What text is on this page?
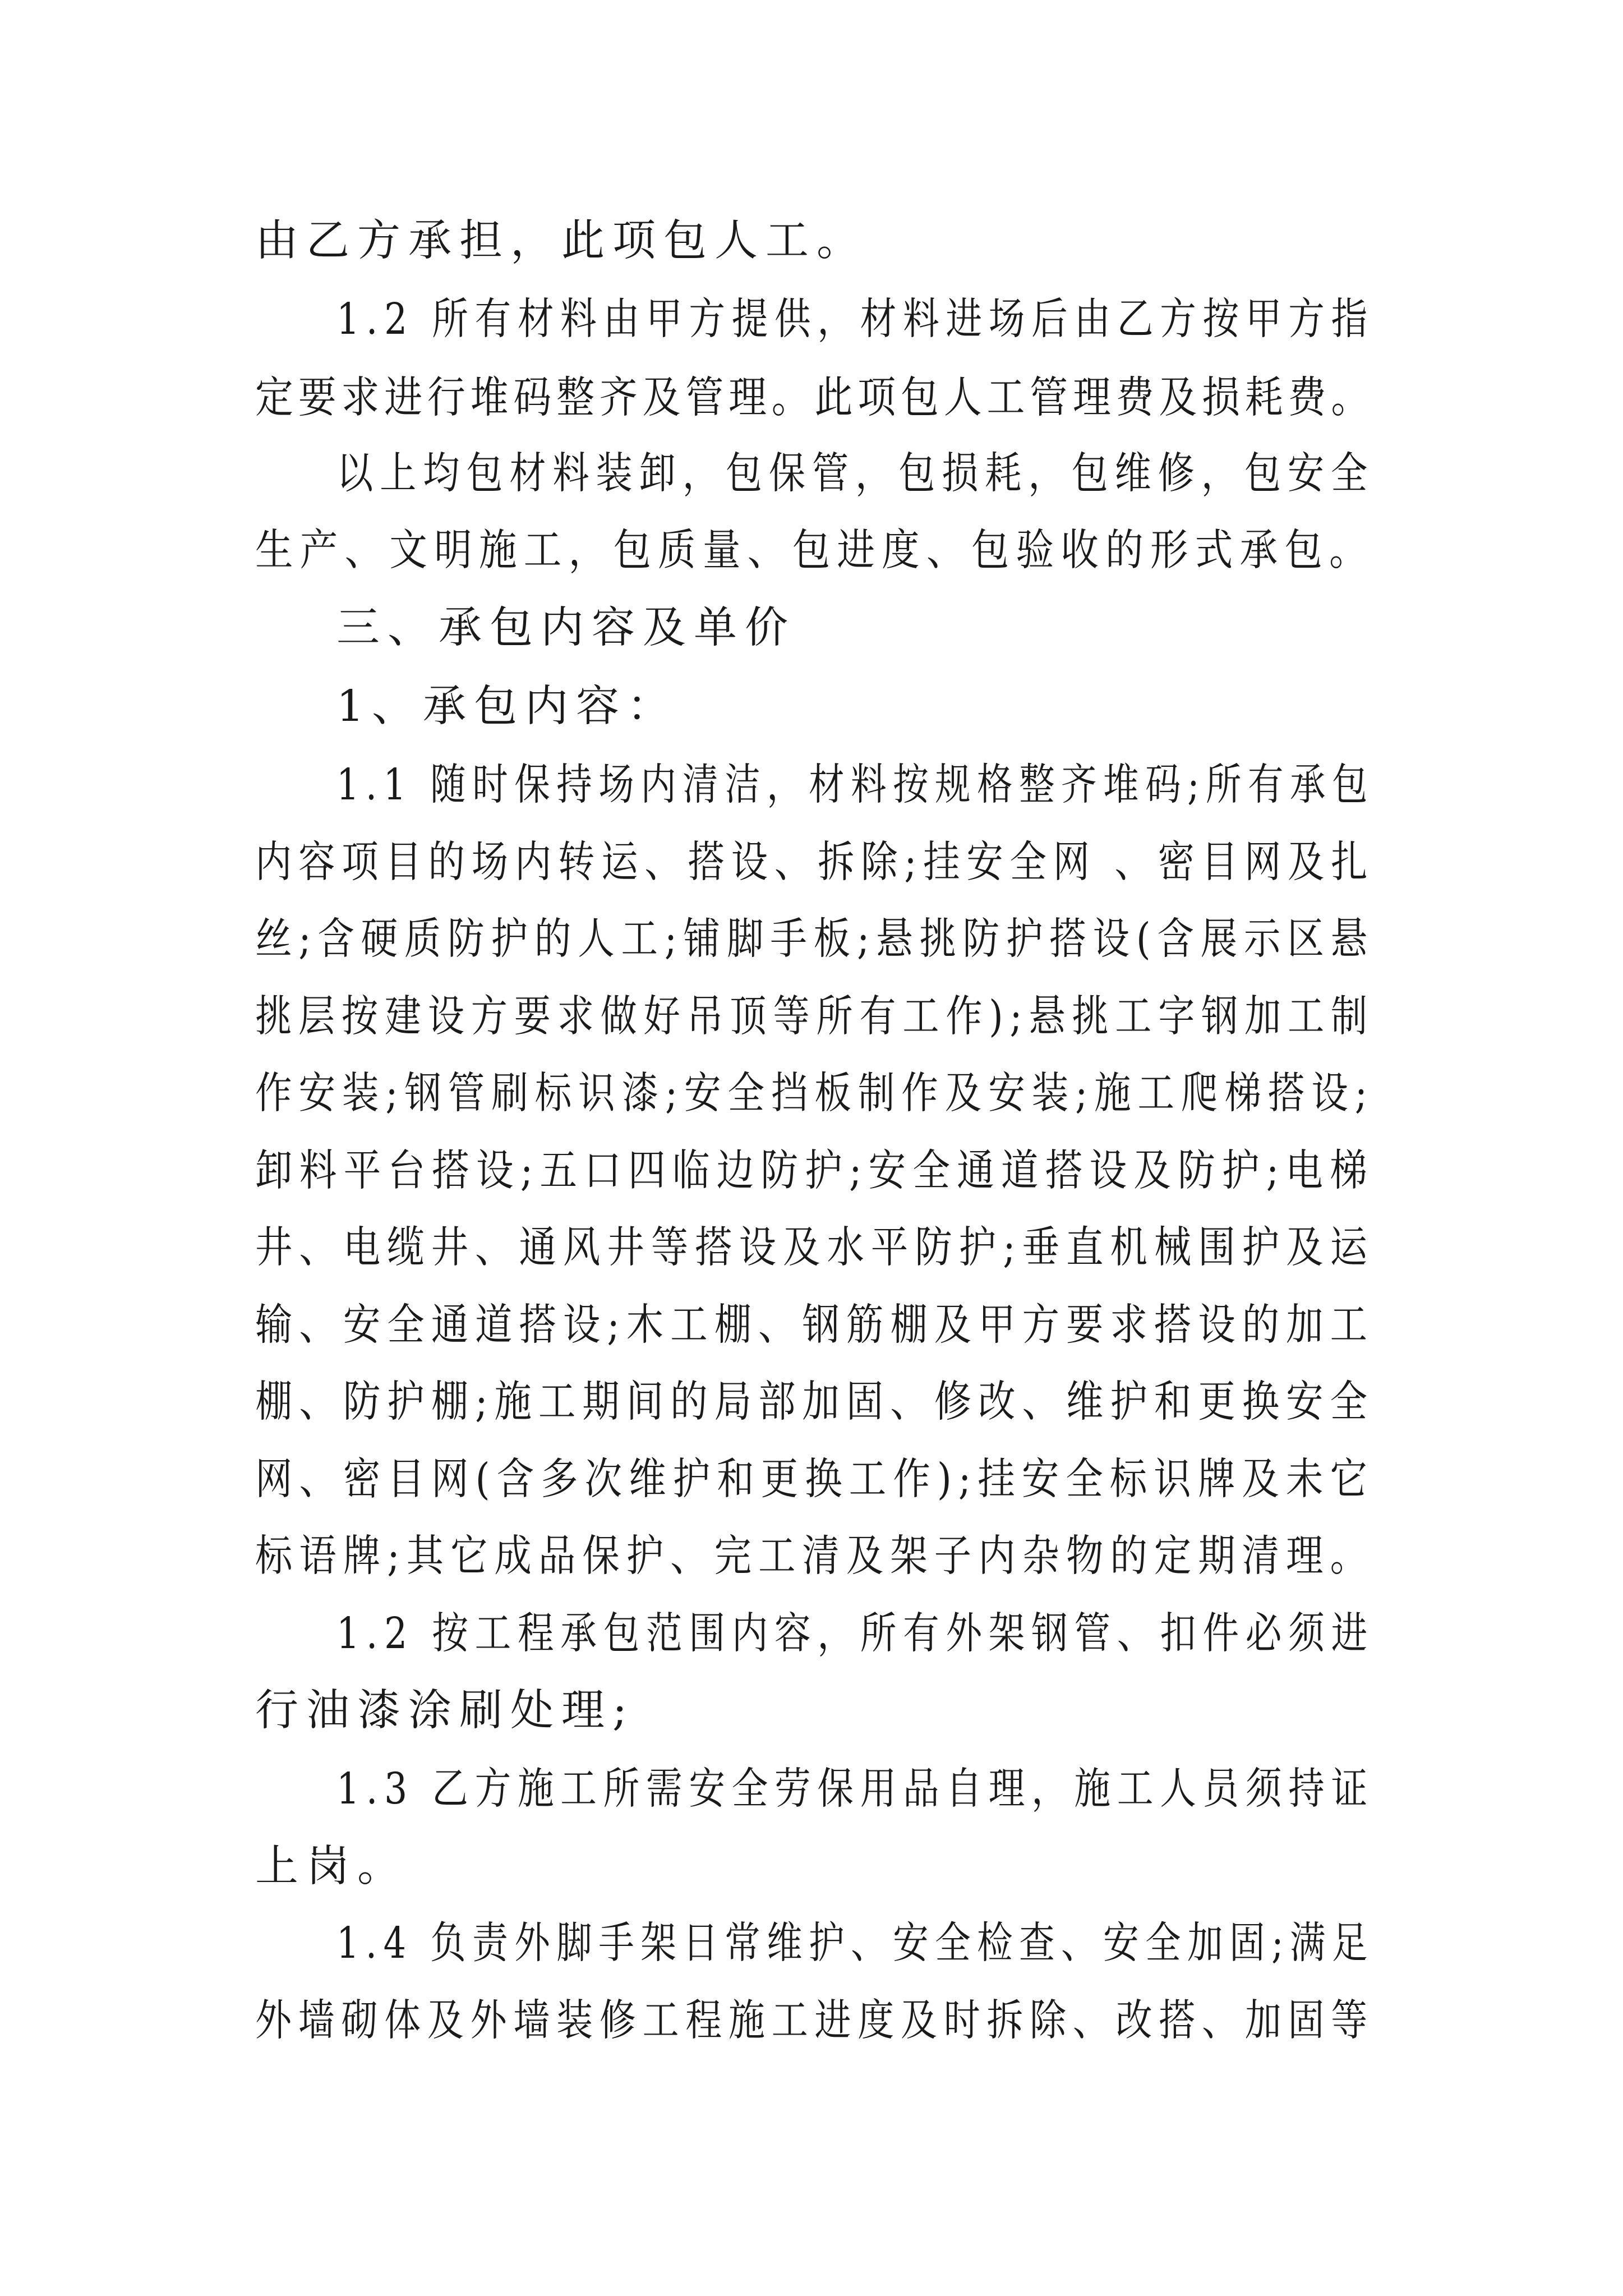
由乙方承担，此项包人工。
1.2 所有材料由甲方提供，材料进场后由乙方按甲方指
定要求进行堆码整齐及管理。此项包人工管理费及损耗费。
以上均包材料装卸，包保管，包损耗，包维修，包安全
生产、文明施工，包质量、包进度、包验收的形式承包。
三、承包内容及单价
1、承包内容：
1.1 随时保持场内清洁，材料按规格整齐堆码;所有承包
内容项目的场内转运、搭设、拆除;挂安全网 、密目网及扎
丝;含硬质防护的人工;铺脚手板;悬挑防护搭设(含展示区悬
挑层按建设方要求做好吊顶等所有工作);悬挑工字钢加工制
作安装;钢管刷标识漆;安全挡板制作及安装;施工爬梯搭设;
卸料平台搭设;五口四临边防护;安全通道搭设及防护;电梯
井、电缆井、通风井等搭设及水平防护;垂直机械围护及运
输、安全通道搭设;木工棚、钢筋棚及甲方要求搭设的加工
棚、防护棚;施工期间的局部加固、修改、维护和更换安全
网、密目网(含多次维护和更换工作);挂安全标识牌及未它
标语牌;其它成品保护、完工清及架子内杂物的定期清理。
1.2 按工程承包范围内容，所有外架钢管、扣件必须进
行油漆涂刷处理;
1.3 乙方施工所需安全劳保用品自理，施工人员须持证
上岗。
1.4 负责外脚手架日常维护、安全检查、安全加固;满足
外墙砌体及外墙装修工程施工进度及时拆除、改搭、加固等
